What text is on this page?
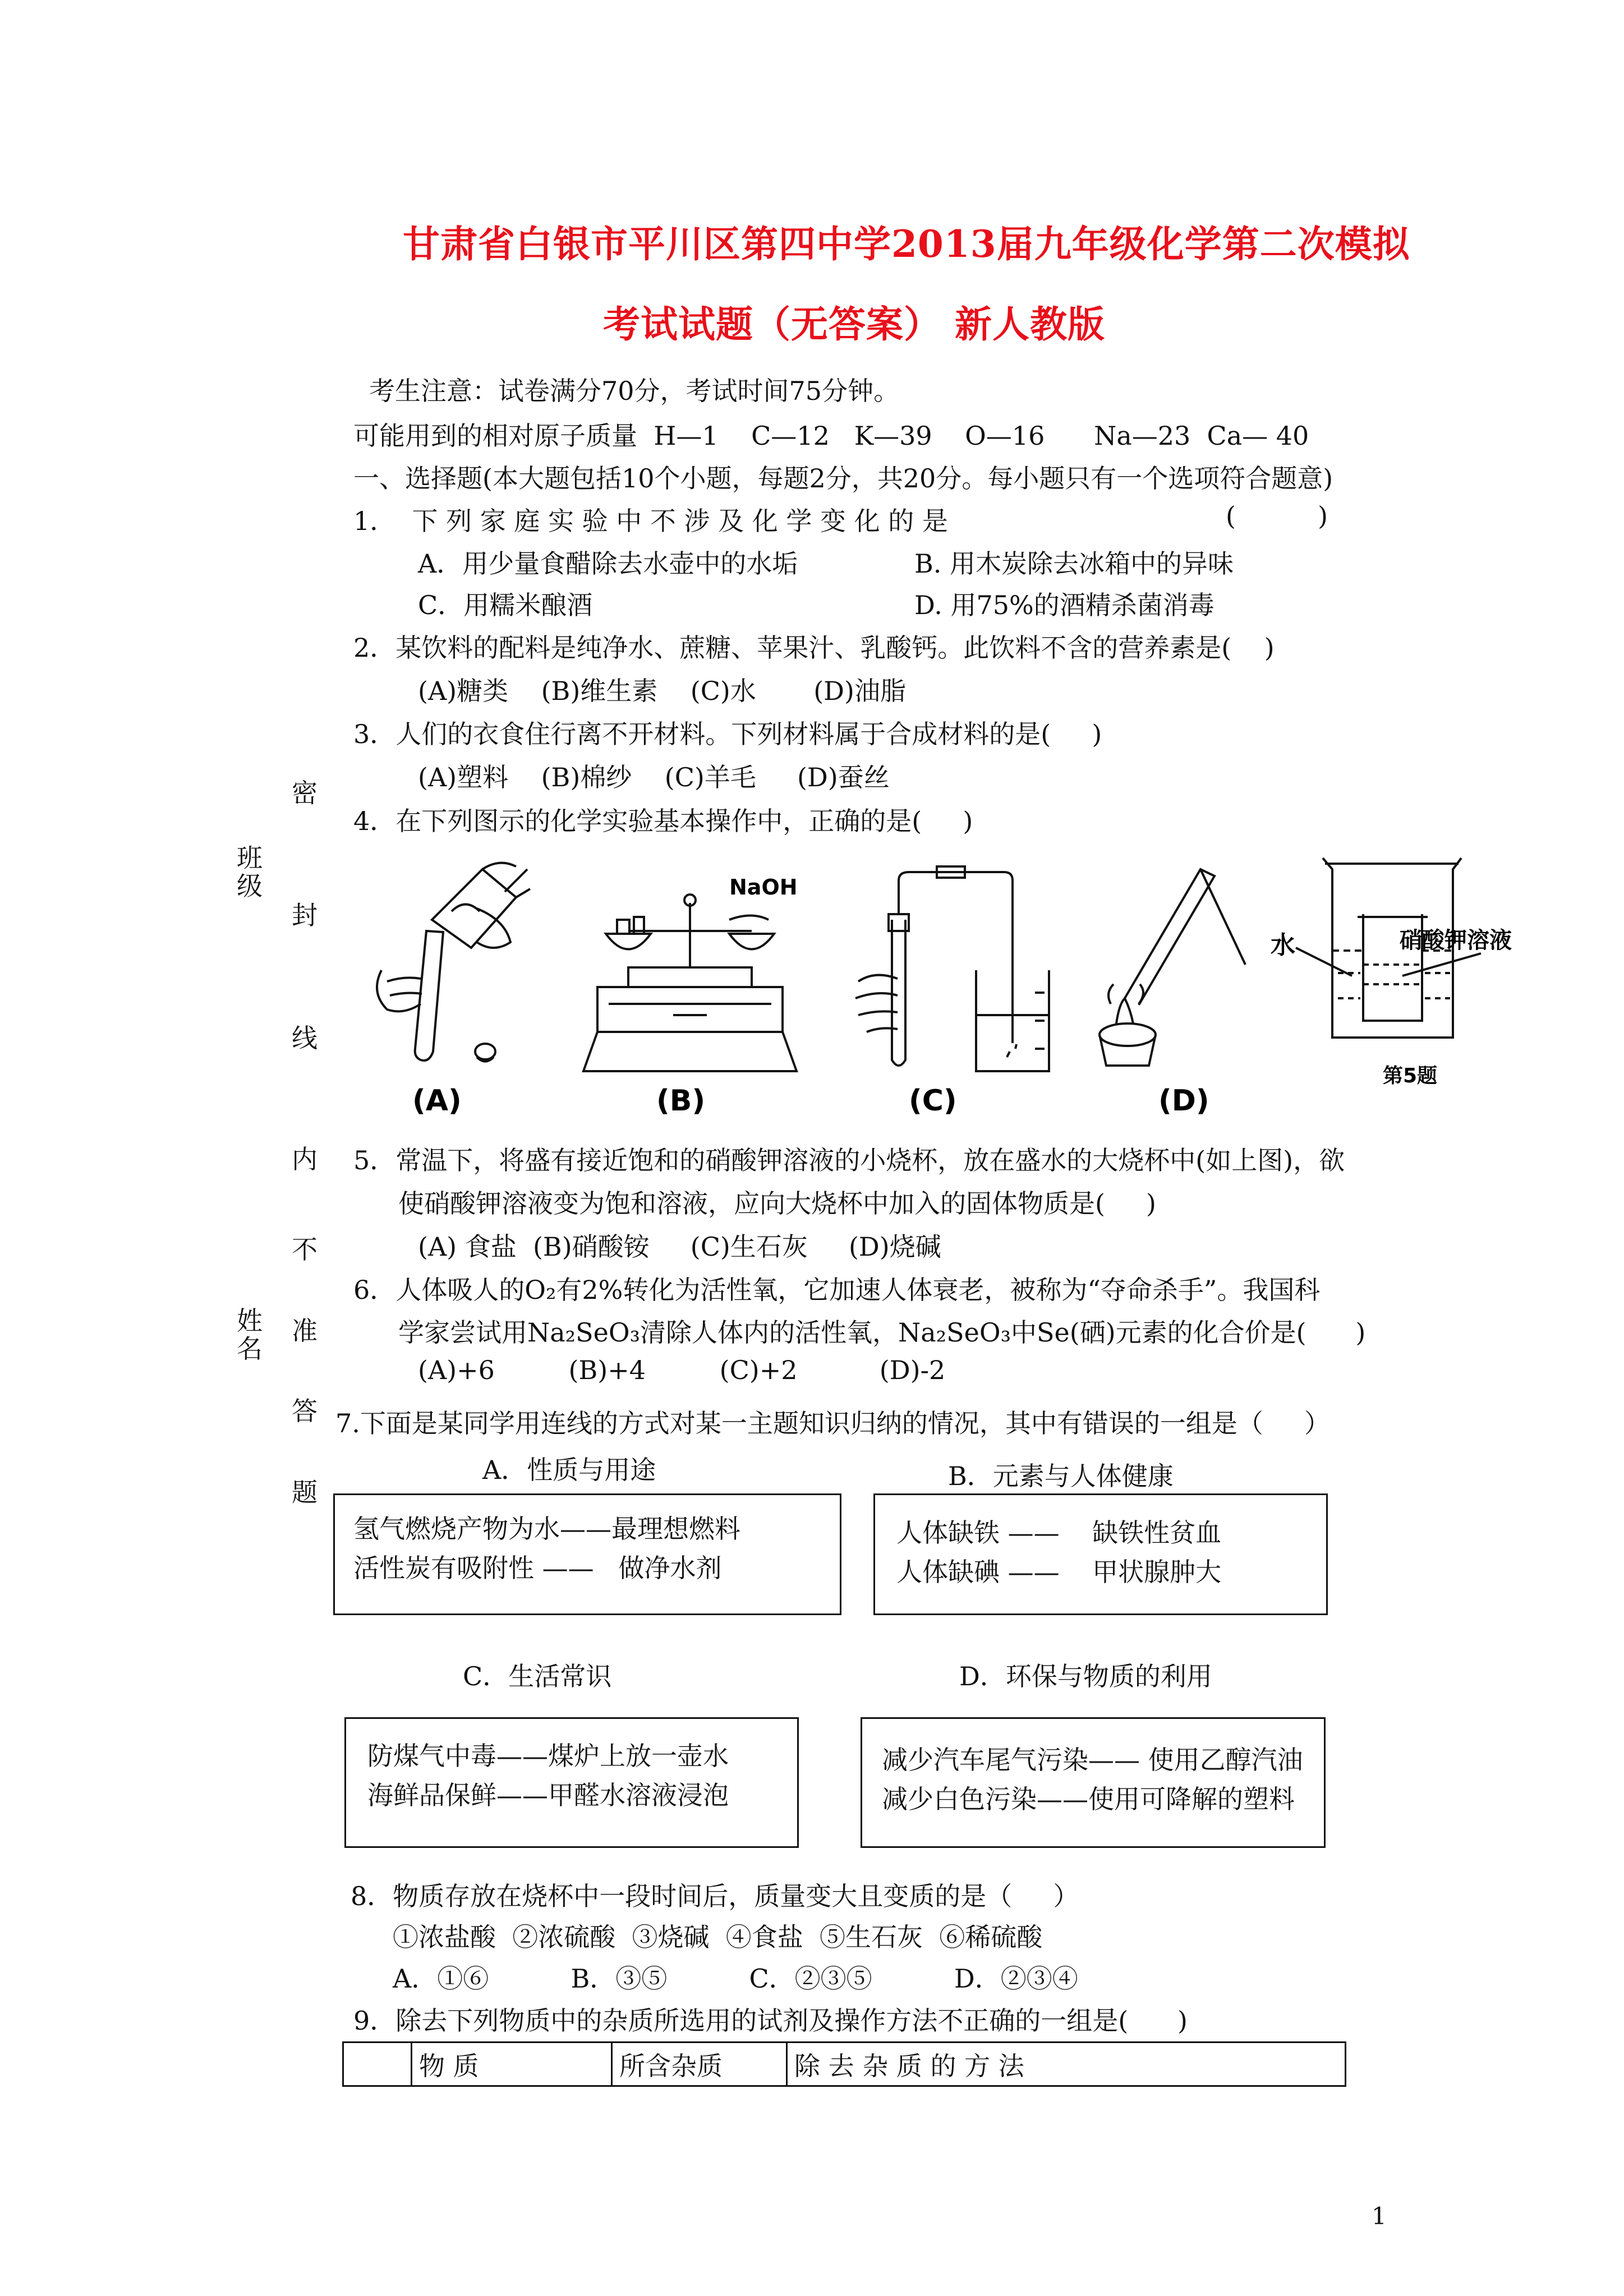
甘肃省白银市平川区第四中学2013届九年级化学第二次模拟
考试试题（无答案） 新人教版
考生注意：试卷满分70分，考试时间75分钟。
可能用到的相对原子质量  H—1    C—12   K—39    O—16      Na—23  Ca— 40
一、选择题(本大题包括10个小题，每题2分，共20分。每小题只有一个选项符合题意)
班级
姓名
密
封
线
内
不
准
答
题
1．  下 列 家 庭 实 验 中 不 涉 及 化 学 变 化 的 是	(          )
A．用少量食醋除去水壶中的水垢	B. 用木炭除去冰箱中的异味
C．用糯米酿酒	D. 用75%的酒精杀菌消毒
2．某饮料的配料是纯净水、蔗糖、苹果汁、乳酸钙。此饮料不含的营养素是(    )
(A)糖类    (B)维生素    (C)水       (D)油脂
3．人们的衣食住行离不开材料。下列材料属于合成材料的是(     )
(A)塑料    (B)棉纱    (C)羊毛     (D)蚕丝
4．在下列图示的化学实验基本操作中，正确的是(     )
(A)
NaOH
(B)	(C)	(D)
水	硝酸钾溶液
第5题
5．常温下，将盛有接近饱和的硝酸钾溶液的小烧杯，放在盛水的大烧杯中(如上图)，欲
使硝酸钾溶液变为饱和溶液，应向大烧杯中加入的固体物质是(     )
(A) 食盐  (B)硝酸铵     (C)生石灰     (D)烧碱
6．人体吸人的O₂有2%转化为活性氧，它加速人体衰老，被称为“夺命杀手”。我国科
学家尝试用Na₂SeO₃清除人体内的活性氧，Na₂SeO₃中Se(硒)元素的化合价是(      )
(A)+6         (B)+4         (C)+2          (D)-2
7.下面是某同学用连线的方式对某一主题知识归纳的情况，其中有错误的一组是（     ）
A．性质与用途	B．元素与人体健康
氢气燃烧产物为水——最理想燃料
活性炭有吸附性 ——   做净水剂
人体缺铁 ——    缺铁性贫血
人体缺碘 ——    甲状腺肿大
C．生活常识	D．环保与物质的利用
防煤气中毒——煤炉上放一壶水
海鲜品保鲜——甲醛水溶液浸泡
减少汽车尾气污染—— 使用乙醇汽油
减少白色污染——使用可降解的塑料
8．物质存放在烧杯中一段时间后，质量变大且变质的是（     ）
①浓盐酸  ②浓硫酸  ③烧碱  ④食盐  ⑤生石灰  ⑥稀硫酸
A．①⑥          B．③⑤          C．②③⑤          D．②③④
9．除去下列物质中的杂质所选用的试剂及操作方法不正确的一组是(      )
	物 质	所含杂质	除 去 杂 质 的 方 法
1
